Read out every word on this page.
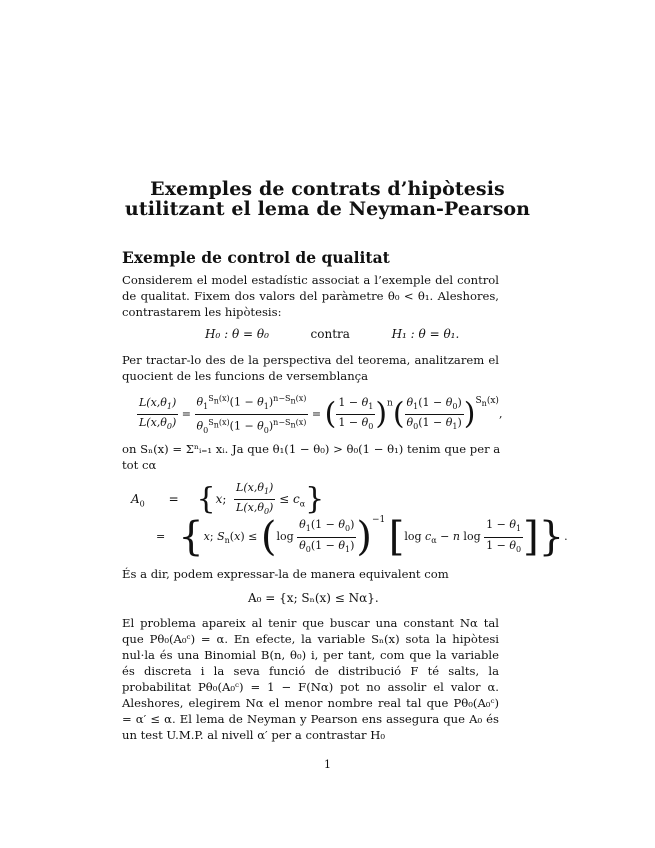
Exemples de contrats d’hipòtesis
utilitzant el lema de Neyman-Pearson
Exemple de control de qualitat
Considerem el model estadístic associat a l’exemple del control de qualitat. Fixem dos valors del paràmetre θ₀ < θ₁. Aleshores, contrastarem les hipòtesis:
H₀ : θ = θ₀	contra	H₁ : θ = θ₁.
Per tractar-lo des de la perspectiva del teorema, analitzarem el quocient de les funcions de versemblança
$\frac{L(x,\theta_1)}{L(x,\theta_0)} = \frac{\theta_1^{S_n(x)}(1 - \theta_1)^{n-S_n(x)}}{\theta_0^{S_n(x)}(1 - \theta_0)^{n-S_n(x)}}$ = ( $\frac{1 - \theta_1}{1 - \theta_0} )^n( \frac{\theta_1(1 - \theta_0)}{\theta_0(1 - \theta_1)} )^{S_n(x)}$,
on Sₙ(x) = Σⁿᵢ₌₁ xᵢ. Ja que θ₁(1 − θ₀) > θ₀(1 − θ₁) tenim que per a
tot cα
$A_0 = \{x$; $\frac{L(x,\theta_1)}{L(x,\theta_0)} \le c_\alpha$}
=  {x; $S_n(x) \le (\log \frac{\theta_1(1 - \theta_0)}{\theta_0(1 - \theta_1)} )^{-1}$ [log $c_\alpha - n$ $\log \frac{1 - \theta_1}{1 - \theta_0}$ ]}.
És a dir, podem expressar-la de manera equivalent com
A₀ = {x; Sₙ(x) ≤ Nα}.
El problema apareix al tenir que buscar una constant Nα tal que Pθ₀(A₀ᶜ) = α. En efecte, la variable Sₙ(x) sota la hipòtesi nul·la és una Binomial B(n, θ₀) i, per tant, com que la variable és discreta i la seva funció de distribució F té salts, la probabilitat Pθ₀(A₀ᶜ) = 1 − F(Nα) pot no assolir el valor α. Aleshores, elegirem Nα el menor nombre real tal que Pθ₀(A₀ᶜ) = α′ ≤ α. El lema de Neyman y Pearson ens assegura que A₀ és un test U.M.P. al nivell α′ per a contrastar H₀
1
